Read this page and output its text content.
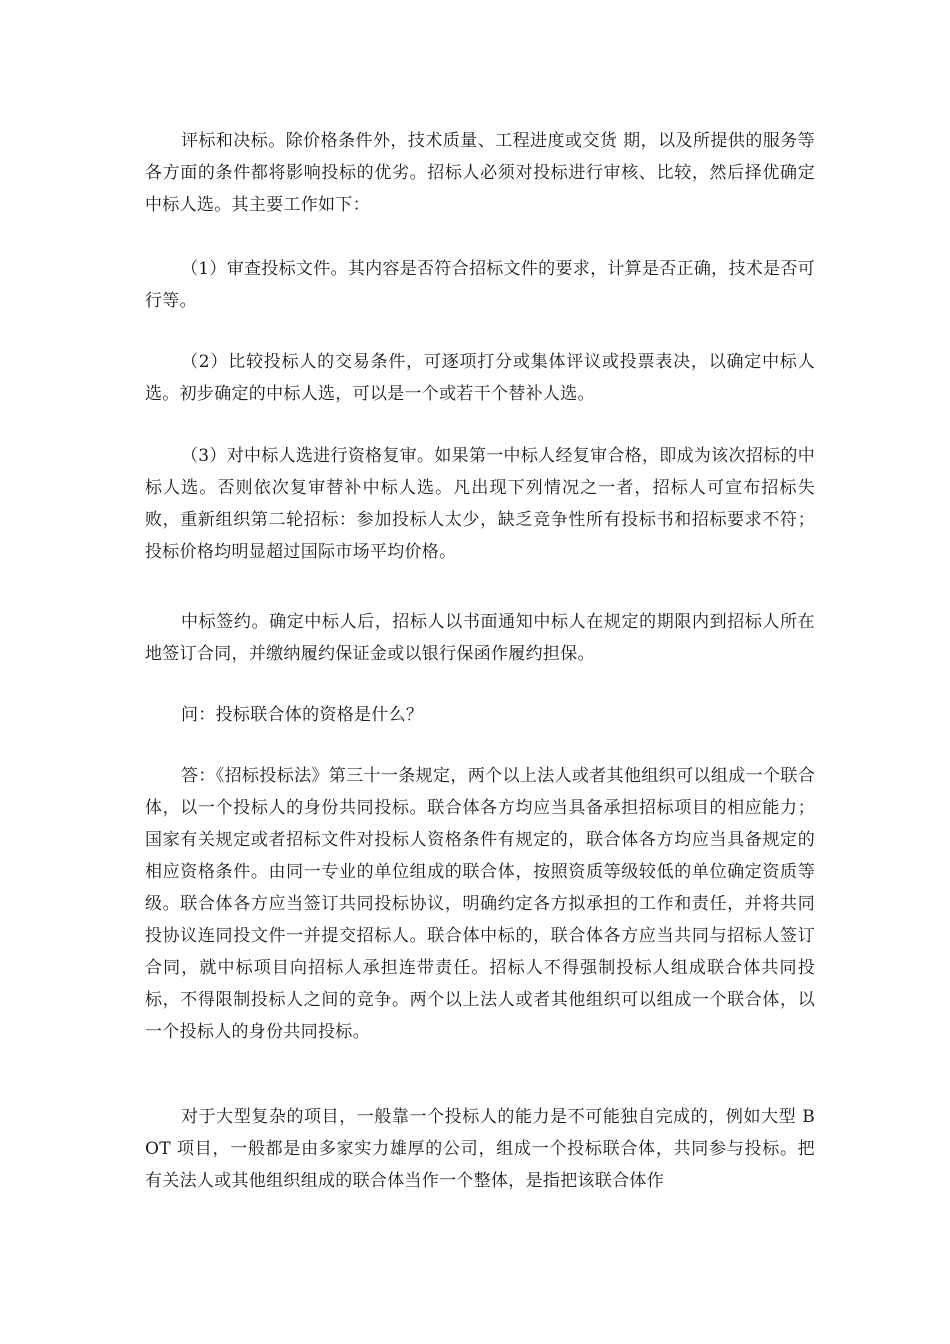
评标和决标。除价格条件外，技术质量、工程进度或交货 期，以及所提供的服务等各方面的条件都将影响投标的优劣。招标人必须对投标进行审核、比较，然后择优确定中标人选。其主要工作如下：

（1）审查投标文件。其内容是否符合招标文件的要求，计算是否正确，技术是否可行等。

（2）比较投标人的交易条件，可逐项打分或集体评议或投票表决，以确定中标人选。初步确定的中标人选，可以是一个或若干个替补人选。

（3）对中标人选进行资格复审。如果第一中标人经复审合格，即成为该次招标的中标人选。否则依次复审替补中标人选。凡出现下列情况之一者，招标人可宣布招标失败，重新组织第二轮招标：参加投标人太少，缺乏竞争性所有投标书和招标要求不符；投标价格均明显超过国际市场平均价格。

中标签约。确定中标人后，招标人以书面通知中标人在规定的期限内到招标人所在地签订合同，并缴纳履约保证金或以银行保函作履约担保。

问：投标联合体的资格是什么？

答：《招标投标法》第三十一条规定，两个以上法人或者其他组织可以组成一个联合体，以一个投标人的身份共同投标。联合体各方均应当具备承担招标项目的相应能力；国家有关规定或者招标文件对投标人资格条件有规定的，联合体各方均应当具备规定的相应资格条件。由同一专业的单位组成的联合体，按照资质等级较低的单位确定资质等级。联合体各方应当签订共同投标协议，明确约定各方拟承担的工作和责任，并将共同投协议连同投文件一并提交招标人。联合体中标的，联合体各方应当共同与招标人签订合同，就中标项目向招标人承担连带责任。招标人不得强制投标人组成联合体共同投标，不得限制投标人之间的竞争。两个以上法人或者其他组织可以组成一个联合体，以一个投标人的身份共同投标。

对于大型复杂的项目，一般靠一个投标人的能力是不可能独自完成的，例如大型 BOT 项目，一般都是由多家实力雄厚的公司，组成一个投标联合体，共同参与投标。把有关法人或其他组织组成的联合体当作一个整体，是指把该联合体作
